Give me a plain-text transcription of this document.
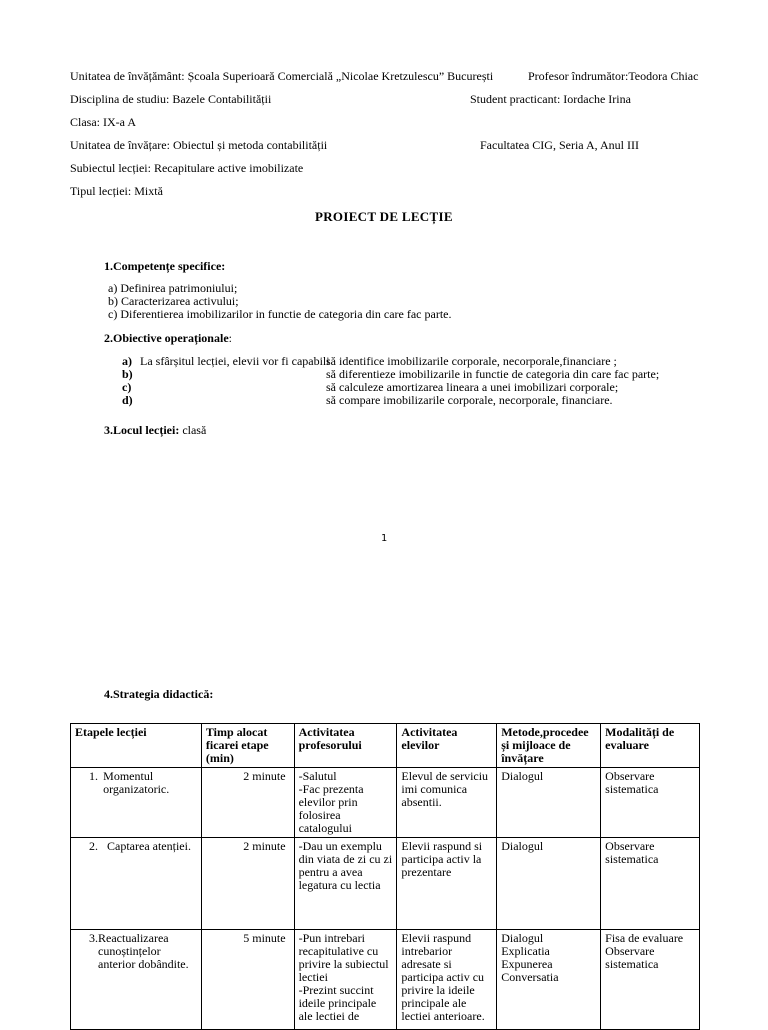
Unitatea de învățământ: Școala Superioară Comercială „Nicolae Kretzulescu” București	Profesor îndrumător:Teodora Chiac
Disciplina de studiu: Bazele Contabilității	Student practicant: Iordache Irina
Clasa: IX-a A
Unitatea de învățare: Obiectul și metoda contabilității	Facultatea CIG, Seria A, Anul III
Subiectul lecției: Recapitulare active imobilizate
Tipul lecției: Mixtă
PROIECT DE LECȚIE
1.Competențe specifice:
a) Definirea patrimoniului;
b) Caracterizarea activului;
c) Diferentierea imobilizarilor in functie de categoria din care fac parte.
2.Obiective operaționale:
a) La sfârșitul lecției, elevii vor fi capabili
să identifice imobilizarile corporale, necorporale,financiare ;
b)	să diferentieze imobilizarile in functie de categoria din care fac parte;
c)	să calculeze amortizarea lineara a unei imobilizari corporale;
d)	să compare imobilizarile corporale, necorporale, financiare.
3.Locul lecției: clasă
1
4.Strategia didactică:
Etapele lecției	Timp alocat ficarei etape (min)	Activitatea profesorului	Activitatea elevilor	Metode,procedee și mijloace de învățare	Modalități de evaluare

1. Momentul organizatoric.	2 minute	-Salutul
-Fac prezenta elevilor prin folosirea catalogului	Elevul de serviciu imi comunica absentii.	Dialogul	Observare sistematica

2. Captarea atenției.	2 minute	-Dau un exemplu din viata de zi cu zi pentru a avea legatura cu lectia	Elevii raspund si participa activ la prezentare	Dialogul	Observare sistematica

3. Reactualizarea cunoștințelor anterior dobândite.	5 minute	-Pun intrebari recapitulative cu privire la subiectul lectiei
-Prezint succint ideile principale ale lectiei de	Elevii raspund intrebarior adresate si participa activ cu privire la ideile principale ale lectiei anterioare.	Dialogul
Explicatia
Expunerea
Conversatia	Fisa de evaluare
Observare sistematica
